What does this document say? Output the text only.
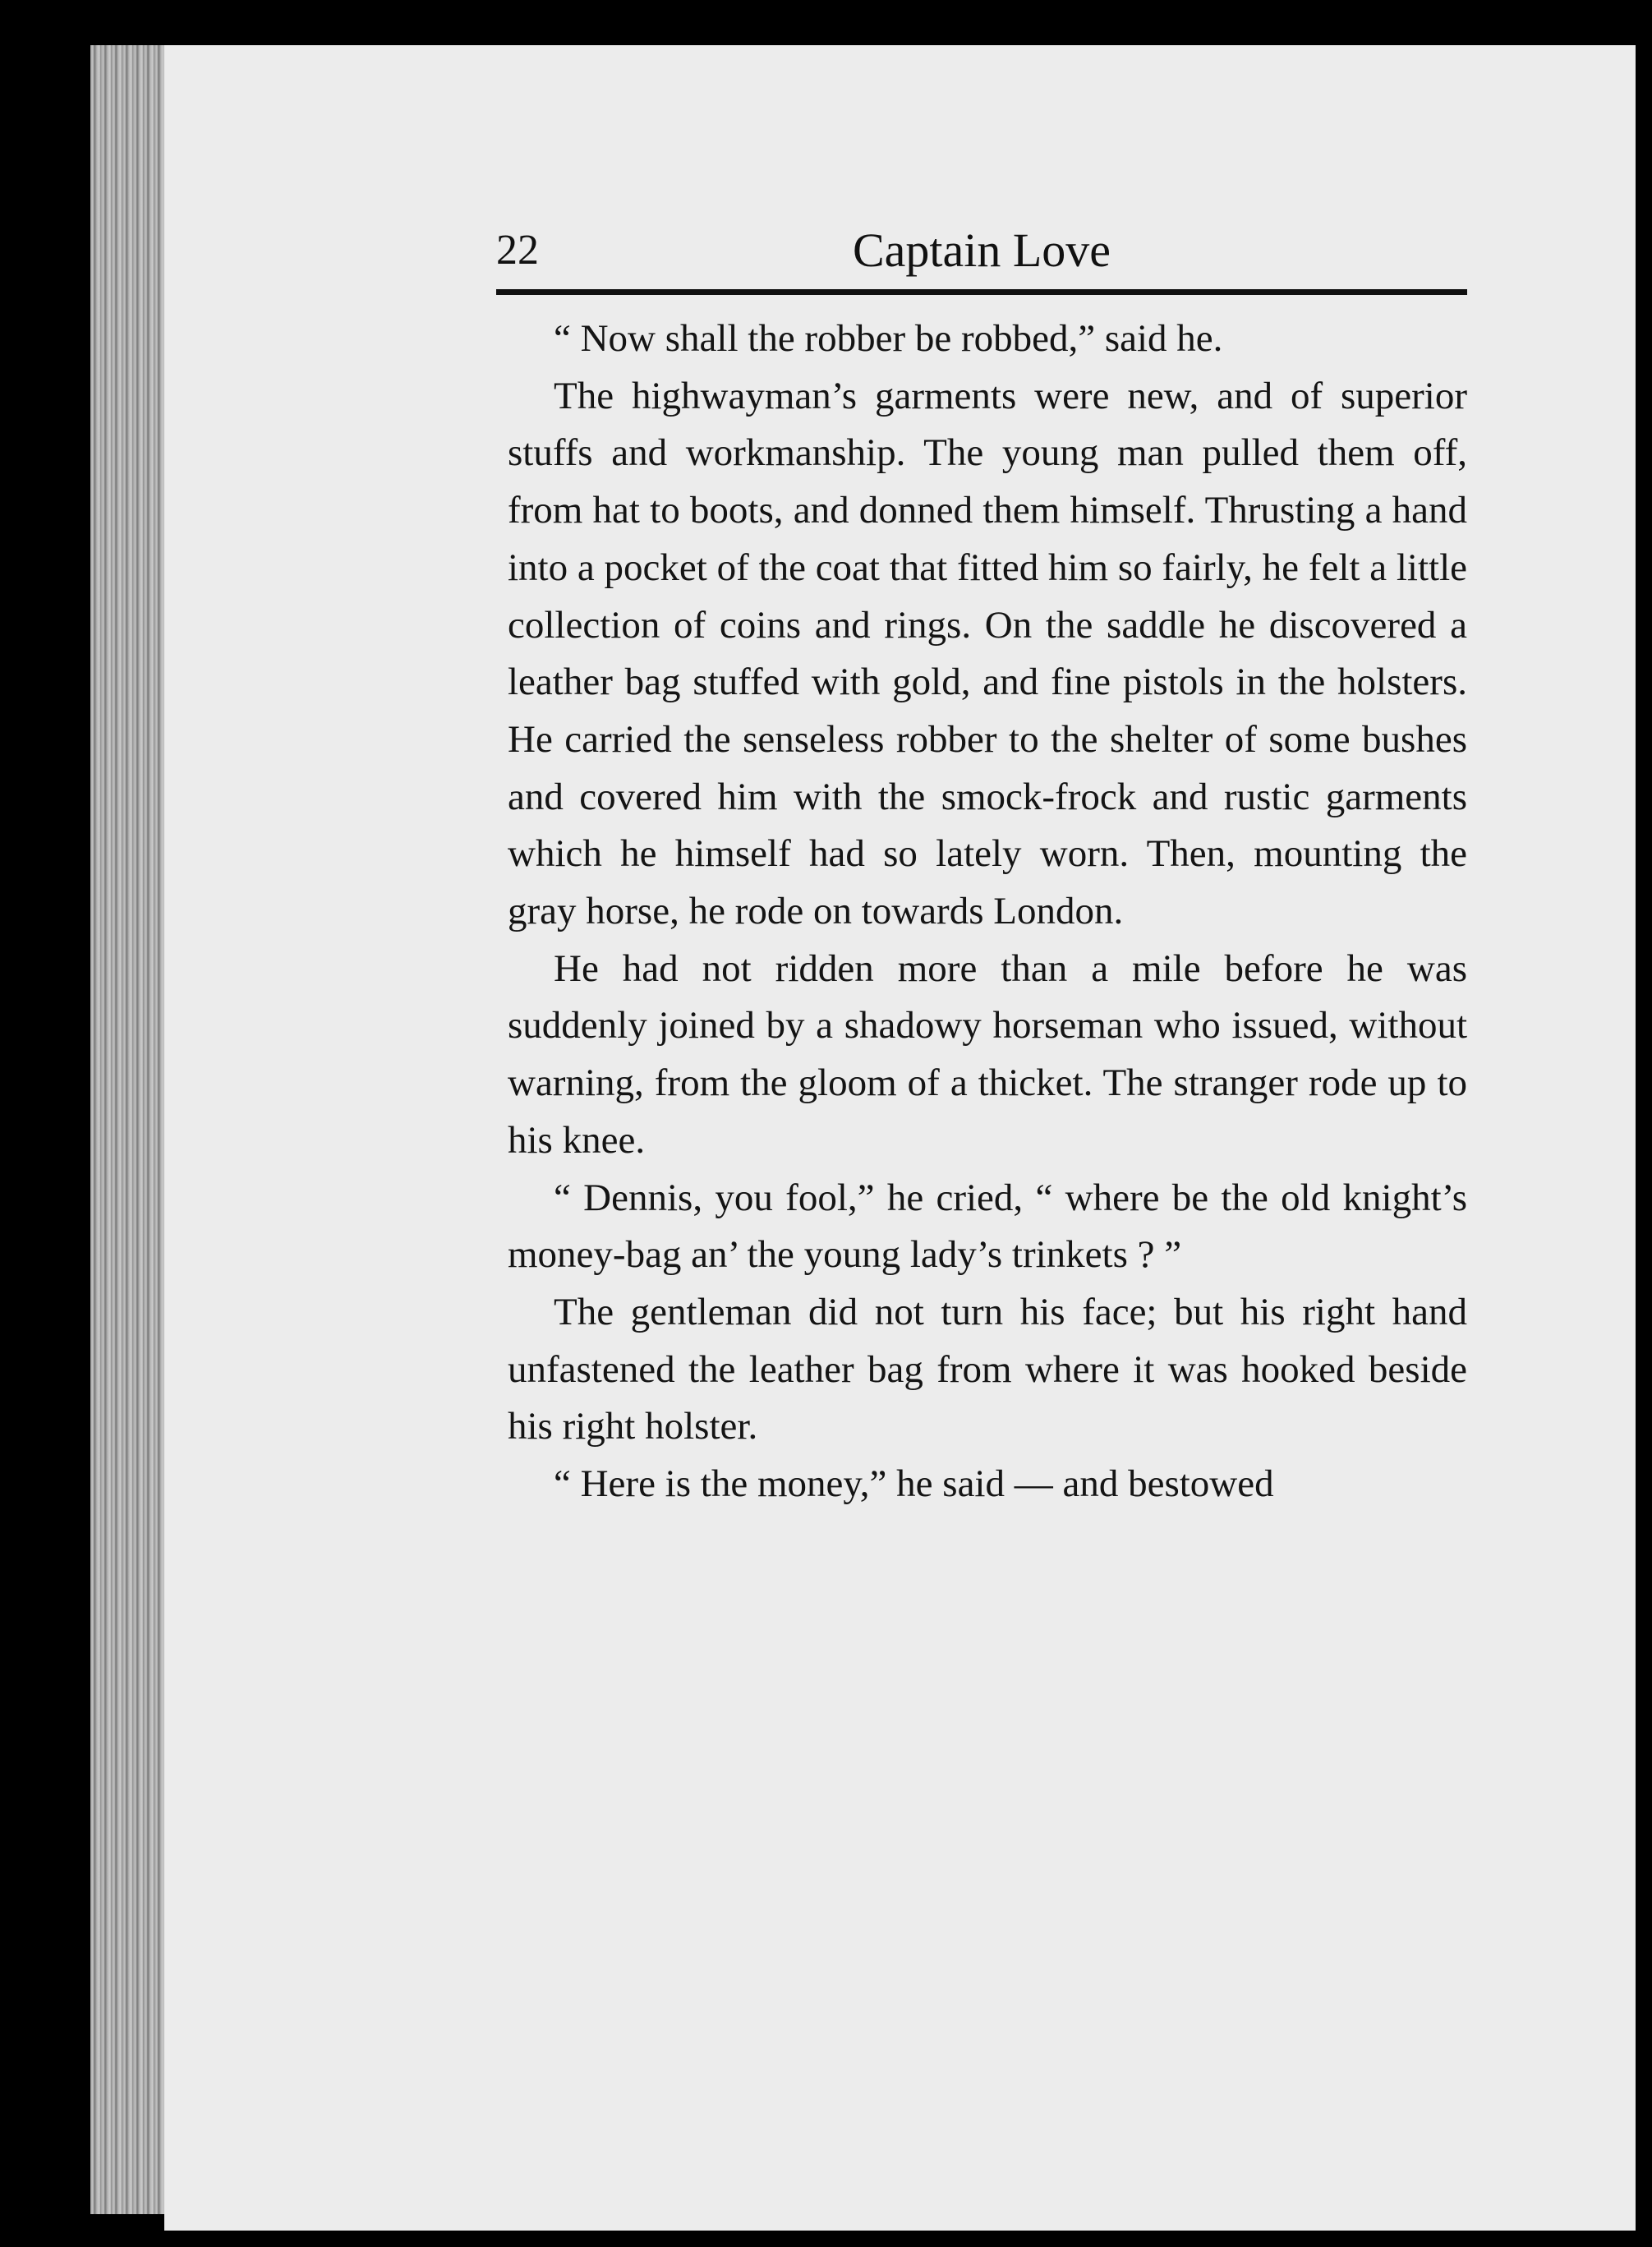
22	Captain Love

“ Now shall the robber be robbed,” said he.

The highwayman’s garments were new, and of superior stuffs and workmanship. The young man pulled them off, from hat to boots, and donned them himself. Thrusting a hand into a pocket of the coat that fitted him so fairly, he felt a little collection of coins and rings. On the saddle he discovered a leather bag stuffed with gold, and fine pistols in the holsters. He carried the senseless robber to the shelter of some bushes and covered him with the smock-frock and rustic garments which he himself had so lately worn. Then, mounting the gray horse, he rode on towards London.

He had not ridden more than a mile before he was suddenly joined by a shadowy horseman who issued, without warning, from the gloom of a thicket. The stranger rode up to his knee.

“ Dennis, you fool,” he cried, “ where be the old knight’s money-bag an’ the young lady’s trinkets ? ”

The gentleman did not turn his face; but his right hand unfastened the leather bag from where it was hooked beside his right holster.

“ Here is the money,” he said — and bestowed
